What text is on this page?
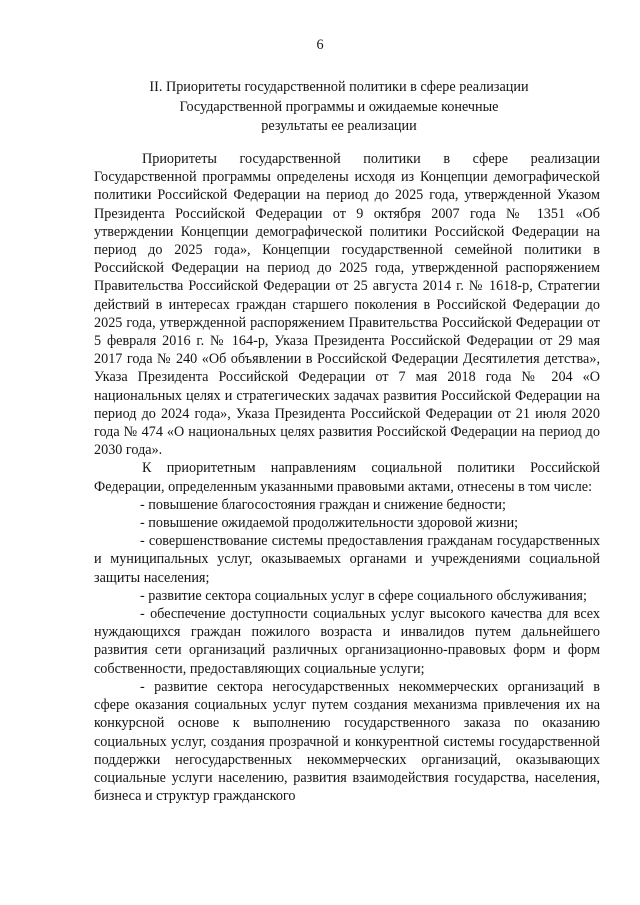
6
II. Приоритеты государственной политики в сфере реализации
Государственной программы и ожидаемые конечные
результаты ее реализации

Приоритеты государственной политики в сфере реализации Государственной программы определены исходя из Концепции демографической политики Российской Федерации на период до 2025 года, утвержденной Указом Президента Российской Федерации от 9 октября 2007 года № 1351 «Об утверждении Концепции демографической политики Российской Федерации на период до 2025 года», Концепции государственной семейной политики в Российской Федерации на период до 2025 года, утвержденной распоряжением Правительства Российской Федерации от 25 августа 2014 г. № 1618-р, Стратегии действий в интересах граждан старшего поколения в Российской Федерации до 2025 года, утвержденной распоряжением Правительства Российской Федерации от 5 февраля 2016 г. № 164-р, Указа Президента Российской Федерации от 29 мая 2017 года № 240 «Об объявлении в Российской Федерации Десятилетия детства», Указа Президента Российской Федерации от 7 мая 2018 года № 204 «О национальных целях и стратегических задачах развития Российской Федерации на период до 2024 года», Указа Президента Российской Федерации от 21 июля 2020 года № 474 «О национальных целях развития Российской Федерации на период до 2030 года».

К приоритетным направлениям социальной политики Российской Федерации, определенным указанными правовыми актами, отнесены в том числе:

- повышение благосостояния граждан и снижение бедности;

- повышение ожидаемой продолжительности здоровой жизни;

- совершенствование системы предоставления гражданам государственных и муниципальных услуг, оказываемых органами и учреждениями социальной защиты населения;

- развитие сектора социальных услуг в сфере социального обслуживания;

- обеспечение доступности социальных услуг высокого качества для всех нуждающихся граждан пожилого возраста и инвалидов путем дальнейшего развития сети организаций различных организационно-правовых форм и форм собственности, предоставляющих социальные услуги;

- развитие сектора негосударственных некоммерческих организаций в сфере оказания социальных услуг путем создания механизма привлечения их на конкурсной основе к выполнению государственного заказа по оказанию социальных услуг, создания прозрачной и конкурентной системы государственной поддержки негосударственных некоммерческих организаций, оказывающих социальные услуги населению, развития взаимодействия государства, населения, бизнеса и структур гражданского
